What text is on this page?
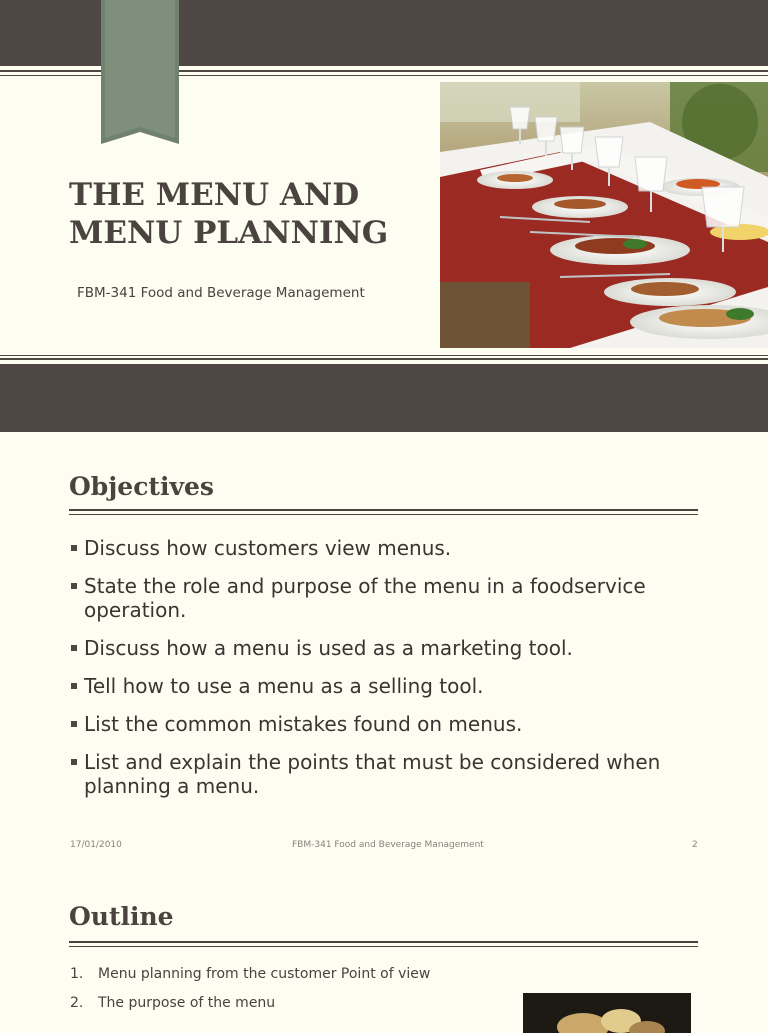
THE MENU AND
MENU PLANNING
FBM-341 Food and Beverage Management
Objectives
Discuss how customers view menus.
State the role and purpose of the menu in a foodservice operation.
Discuss how a menu is used as a marketing tool.
Tell how to use a menu as a selling tool.
List the common mistakes found on menus.
List and explain the points that must be considered when planning a menu.
17/01/2010	FBM-341 Food and Beverage Management	2
Outline
1. Menu planning from the customer Point of view
2. The purpose of the menu
